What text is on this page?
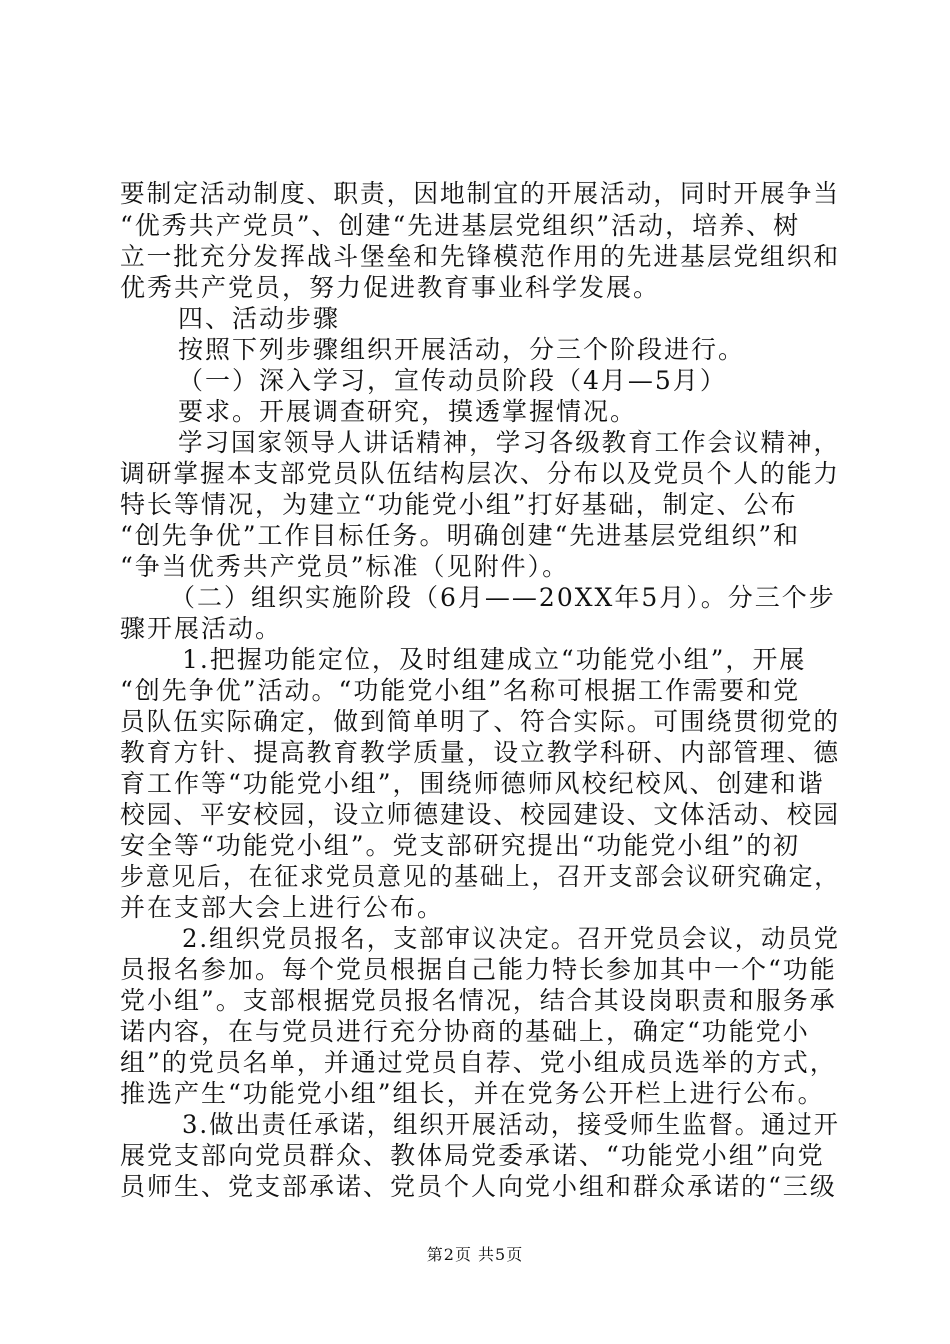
要制定活动制度、职责，因地制宜的开展活动，同时开展争当
“优秀共产党员”、创建“先进基层党组织”活动，培养、树
立一批充分发挥战斗堡垒和先锋模范作用的先进基层党组织和
优秀共产党员，努力促进教育事业科学发展。
四、活动步骤
按照下列步骤组织开展活动，分三个阶段进行。
（一）深入学习，宣传动员阶段（4月—5月）
要求。开展调查研究，摸透掌握情况。
学习国家领导人讲话精神，学习各级教育工作会议精神，
调研掌握本支部党员队伍结构层次、分布以及党员个人的能力
特长等情况，为建立“功能党小组”打好基础，制定、公布
“创先争优”工作目标任务。明确创建“先进基层党组织”和
“争当优秀共产党员”标准（见附件）。
（二）组织实施阶段（6月——20XX年5月）。分三个步
骤开展活动。
1.把握功能定位，及时组建成立“功能党小组”，开展
“创先争优”活动。“功能党小组”名称可根据工作需要和党
员队伍实际确定，做到简单明了、符合实际。可围绕贯彻党的
教育方针、提高教育教学质量，设立教学科研、内部管理、德
育工作等“功能党小组”，围绕师德师风校纪校风、创建和谐
校园、平安校园，设立师德建设、校园建设、文体活动、校园
安全等“功能党小组”。党支部研究提出“功能党小组”的初
步意见后，在征求党员意见的基础上，召开支部会议研究确定，
并在支部大会上进行公布。
2.组织党员报名，支部审议决定。召开党员会议，动员党
员报名参加。每个党员根据自己能力特长参加其中一个“功能
党小组”。支部根据党员报名情况，结合其设岗职责和服务承
诺内容，在与党员进行充分协商的基础上，确定“功能党小
组”的党员名单，并通过党员自荐、党小组成员选举的方式，
推选产生“功能党小组”组长，并在党务公开栏上进行公布。
3.做出责任承诺，组织开展活动，接受师生监督。通过开
展党支部向党员群众、教体局党委承诺、“功能党小组”向党
员师生、党支部承诺、党员个人向党小组和群众承诺的“三级
第2页 共5页
